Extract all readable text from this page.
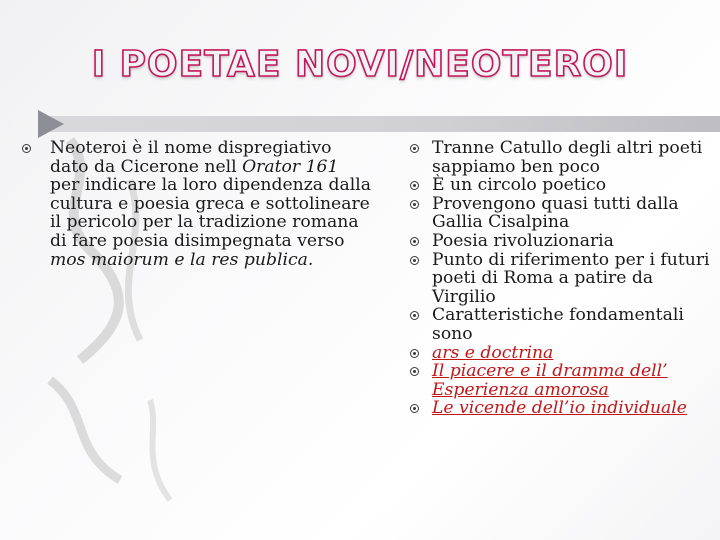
I POETAE NOVI/NEOTEROI
Neoteroi è il nome dispregiativo dato da Cicerone nell Orator 161 per indicare la loro dipendenza dalla cultura e poesia greca e sottolineare il pericolo per la tradizione romana di fare poesia disimpegnata verso mos maiorum e la res publica.
Tranne Catullo degli altri poeti sappiamo ben poco
È un circolo poetico
Provengono quasi tutti dalla Gallia Cisalpina
Poesia rivoluzionaria
Punto di riferimento per i futuri poeti di Roma a patire da Virgilio
Caratteristiche fondamentali sono
ars e doctrina
Il piacere e il dramma dell’ Esperienza amorosa
Le vicende dell’io individuale
